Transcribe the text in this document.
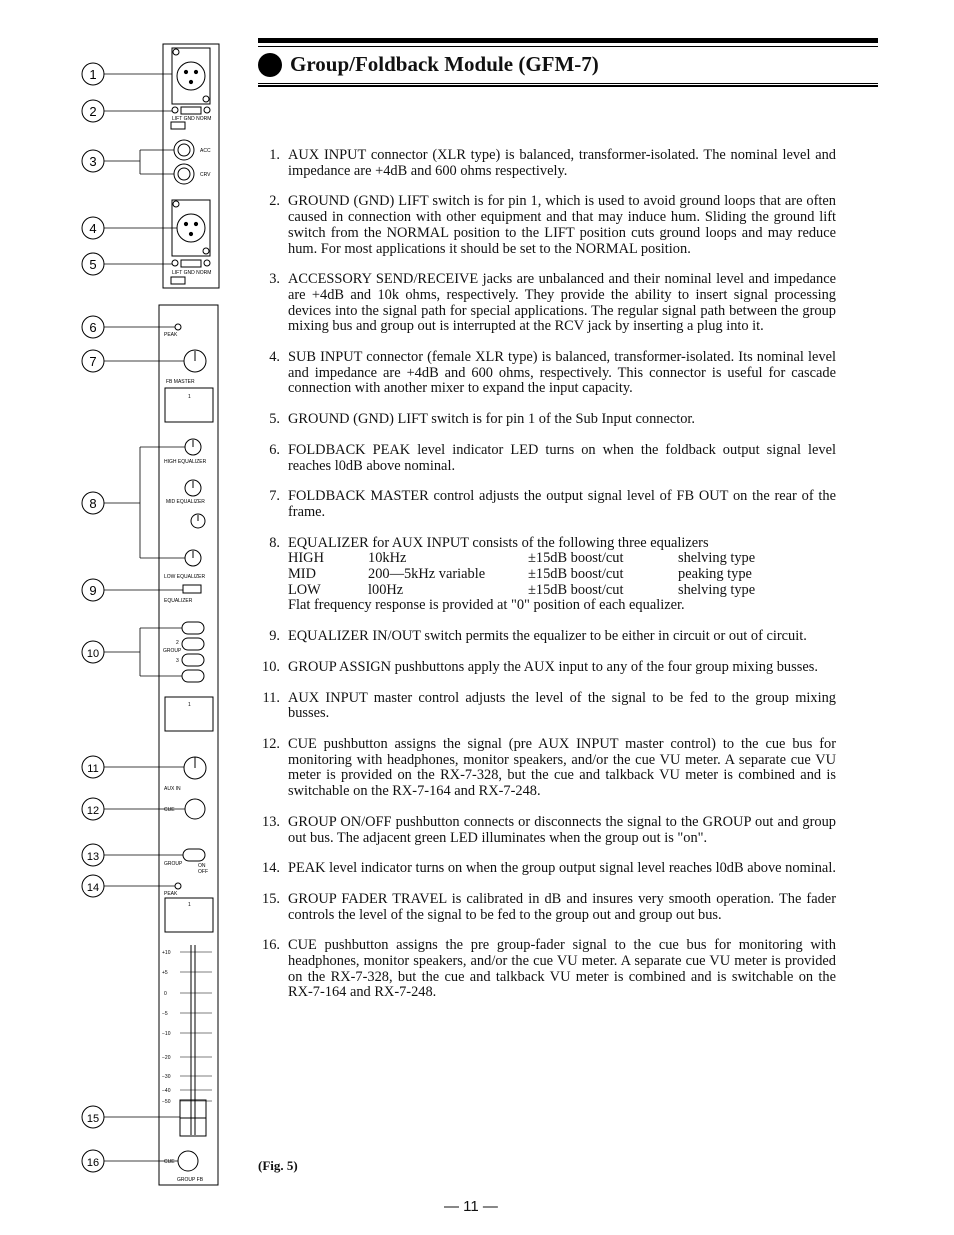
Group/Foldback Module (GFM-7)
1. AUX INPUT connector (XLR type) is balanced, transformer-isolated. The nominal level and impedance are +4dB and 600 ohms respectively.
2. GROUND (GND) LIFT switch is for pin 1, which is used to avoid ground loops that are often caused in connection with other equipment and that may induce hum. Sliding the ground lift switch from the NORMAL position to the LIFT position cuts ground loops and may reduce hum. For most applications it should be set to the NORMAL position.
3. ACCESSORY SEND/RECEIVE jacks are unbalanced and their nominal level and impedance are +4dB and 10k ohms, respectively. They provide the ability to insert signal processing devices into the signal path for special applications. The regular signal path between the group mixing bus and group out is interrupted at the RCV jack by inserting a plug into it.
4. SUB INPUT connector (female XLR type) is balanced, transformer-isolated. Its nominal level and impedance are +4dB and 600 ohms, respectively. This connector is useful for cascade connection with another mixer to expand the input capacity.
5. GROUND (GND) LIFT switch is for pin 1 of the Sub Input connector.
6. FOLDBACK PEAK level indicator LED turns on when the foldback output signal level reaches l0dB above nominal.
7. FOLDBACK MASTER control adjusts the output signal level of FB OUT on the rear of the frame.
8. EQUALIZER for AUX INPUT consists of the following three equalizers
HIGH	10kHz	±15dB boost/cut	shelving type
MID	200—5kHz variable	±15dB boost/cut	peaking type
LOW	l00Hz	±15dB boost/cut	shelving type
Flat frequency response is provided at "0" position of each equalizer.
9. EQUALIZER IN/OUT switch permits the equalizer to be either in circuit or out of circuit.
10. GROUP ASSIGN pushbuttons apply the AUX input to any of the four group mixing busses.
11. AUX INPUT master control adjusts the level of the signal to be fed to the group mixing busses.
12. CUE pushbutton assigns the signal (pre AUX INPUT master control) to the cue bus for monitoring with headphones, monitor speakers, and/or the cue VU meter. A separate cue VU meter is provided on the RX-7-328, but the cue and talkback VU meter is combined and is switchable on the RX-7-164 and RX-7-248.
13. GROUP ON/OFF pushbutton connects or disconnects the signal to the GROUP out and group out bus. The adjacent green LED illuminates when the group out is "on".
14. PEAK level indicator turns on when the group output signal level reaches l0dB above nominal.
15. GROUP FADER TRAVEL is calibrated in dB and insures very smooth operation. The fader controls the level of the signal to be fed to the group out and group out bus.
16. CUE pushbutton assigns the pre group-fader signal to the cue bus for monitoring with headphones, monitor speakers, and/or the cue VU meter. A separate cue VU meter is provided on the RX-7-328, but the cue and talkback VU meter is combined and is switchable on the RX-7-164 and RX-7-248.
LIFT GND NORM
ACC
CRV
LIFT GND NORM
+10
+5
0
−5
−10
−20
−30
−40
−50
PEAK
FB MASTER
1
HIGH EQUALIZER
MID EQUALIZER
LOW EQUALIZER
EQUALIZER
GROUP
2
3
1
AUX IN
CUE
GROUP	ON
OFF
PEAK
1
CUE
GROUP FB
1
2
3
4
5
6
7
8
9
10
11
12
13
14
15
16	(Fig. 5)
— 11 —
